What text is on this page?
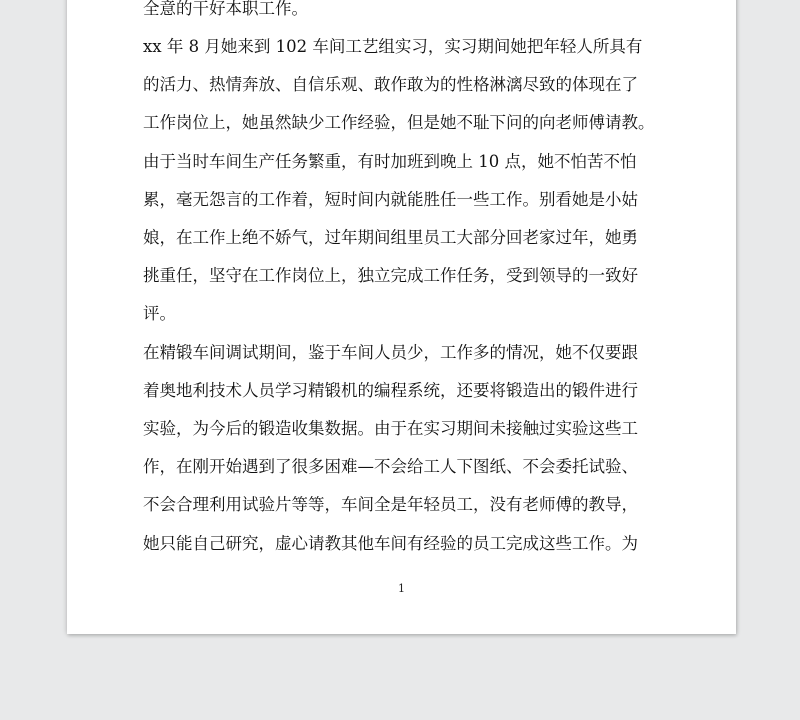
全意的干好本职工作。
xx 年 8 月她来到 102 车间工艺组实习，实习期间她把年轻人所具有
的活力、热情奔放、自信乐观、敢作敢为的性格淋漓尽致的体现在了
工作岗位上，她虽然缺少工作经验，但是她不耻下问的向老师傅请教。
由于当时车间生产任务繁重，有时加班到晚上 10 点，她不怕苦不怕
累，毫无怨言的工作着，短时间内就能胜任一些工作。别看她是小姑
娘，在工作上绝不娇气，过年期间组里员工大部分回老家过年，她勇
挑重任，坚守在工作岗位上，独立完成工作任务，受到领导的一致好
评。
在精锻车间调试期间，鉴于车间人员少，工作多的情况，她不仅要跟
着奥地利技术人员学习精锻机的编程系统，还要将锻造出的锻件进行
实验，为今后的锻造收集数据。由于在实习期间未接触过实验这些工
作，在刚开始遇到了很多困难—不会给工人下图纸、不会委托试验、
不会合理利用试验片等等，车间全是年轻员工，没有老师傅的教导，
她只能自己研究，虚心请教其他车间有经验的员工完成这些工作。为
1
